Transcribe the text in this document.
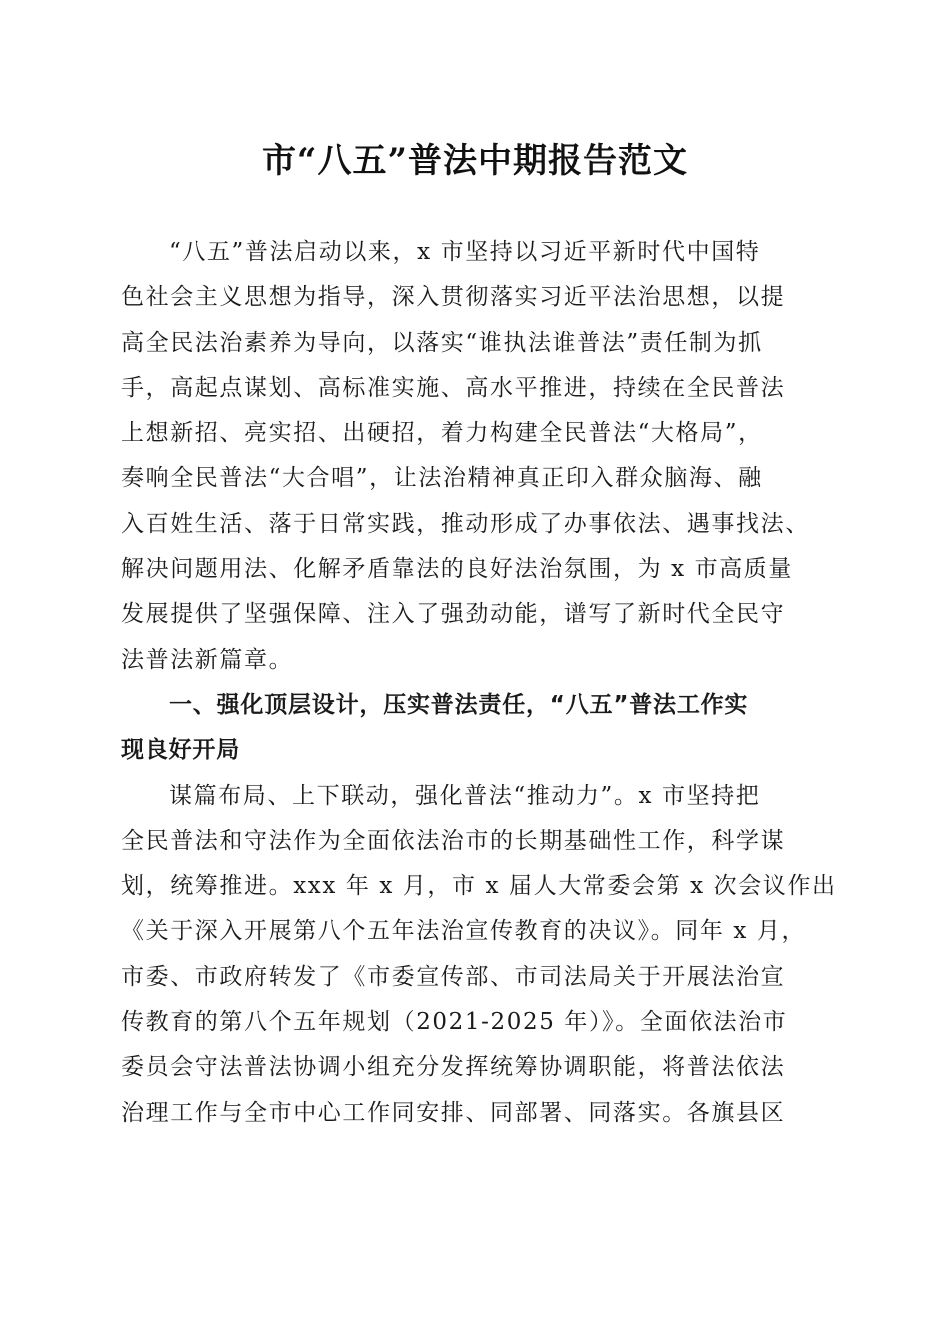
市“八五”普法中期报告范文
“八五”普法启动以来，x 市坚持以习近平新时代中国特
色社会主义思想为指导，深入贯彻落实习近平法治思想，以提
高全民法治素养为导向，以落实“谁执法谁普法”责任制为抓
手，高起点谋划、高标准实施、高水平推进，持续在全民普法
上想新招、亮实招、出硬招，着力构建全民普法“大格局”，
奏响全民普法“大合唱”，让法治精神真正印入群众脑海、融
入百姓生活、落于日常实践，推动形成了办事依法、遇事找法、
解决问题用法、化解矛盾靠法的良好法治氛围，为 x 市高质量
发展提供了坚强保障、注入了强劲动能，谱写了新时代全民守
法普法新篇章。
一、强化顶层设计，压实普法责任，“八五”普法工作实
现良好开局
谋篇布局、上下联动，强化普法“推动力”。x 市坚持把
全民普法和守法作为全面依法治市的长期基础性工作，科学谋
划，统筹推进。xxx 年 x 月，市 x 届人大常委会第 x 次会议作出
《关于深入开展第八个五年法治宣传教育的决议》。同年 x 月，
市委、市政府转发了《市委宣传部、市司法局关于开展法治宣
传教育的第八个五年规划（2021-2025 年）》。全面依法治市
委员会守法普法协调小组充分发挥统筹协调职能，将普法依法
治理工作与全市中心工作同安排、同部署、同落实。各旗县区
